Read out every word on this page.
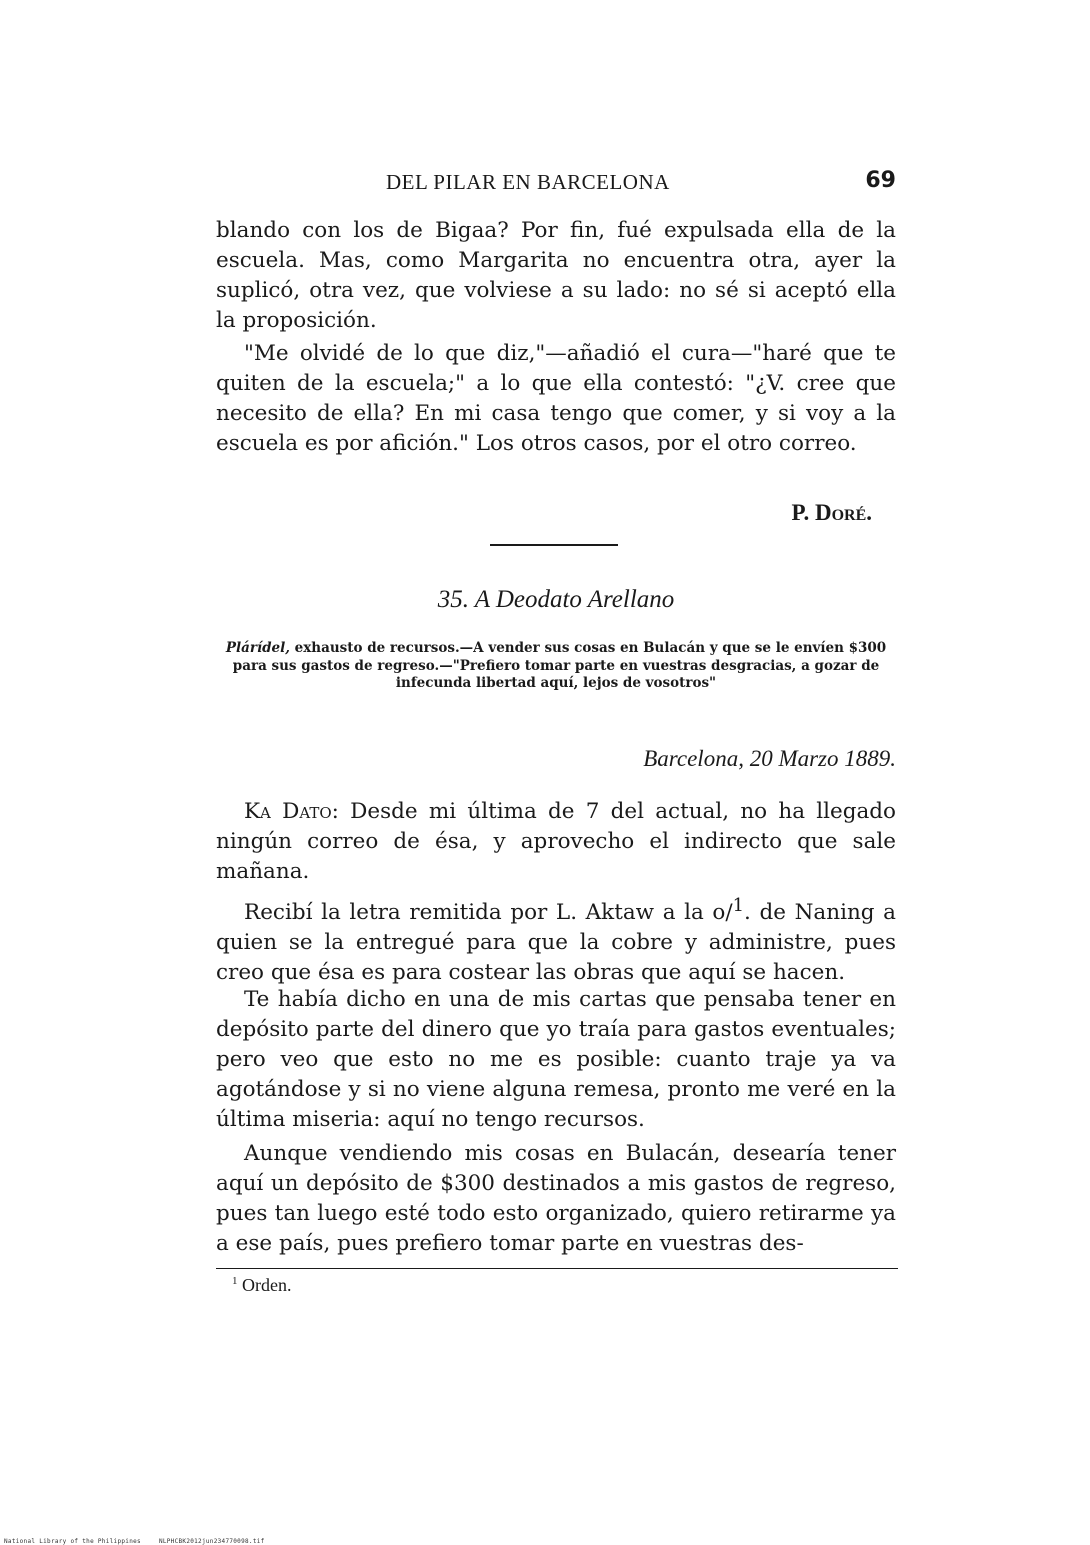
DEL PILAR EN BARCELONA	69

blando con los de Bigaa? Por fin, fué expulsada ella de la escuela. Mas, como Margarita no encuentra otra, ayer la suplicó, otra vez, que volviese a su lado: no sé si aceptó ella la proposición.

"Me olvidé de lo que diz,"—añadió el cura—"haré que te quiten de la escuela;" a lo que ella contestó: "¿V. cree que necesito de ella? En mi casa tengo que comer, y si voy a la escuela es por afición." Los otros casos, por el otro correo.

P. Doré.
35. A Deodato Arellano
Plárídel, exhausto de recursos.—A vender sus cosas en Bulacán y que se le envíen $300 para sus gastos de regreso.—"Prefiero tomar parte en vuestras desgracias, a gozar de infecunda libertad aquí, lejos de vosotros"
Barcelona, 20 Marzo 1889.

Ka Dato: Desde mi última de 7 del actual, no ha llegado ningún correo de ésa, y aprovecho el indirecto que sale mañana.

Recibí la letra remitida por L. Aktaw a la o/$^1$. de Naning a quien se la entregué para que la cobre y administre, pues creo que ésa es para costear las obras que aquí se hacen.

Te había dicho en una de mis cartas que pensaba tener en depósito parte del dinero que yo traía para gastos eventuales; pero veo que esto no me es posible: cuanto traje ya va agotándose y si no viene alguna remesa, pronto me veré en la última miseria: aquí no tengo recursos.

Aunque vendiendo mis cosas en Bulacán, desearía tener aquí un depósito de $300 destinados a mis gastos de regreso, pues tan luego esté todo esto organizado, quiero retirarme ya a ese país, pues prefiero tomar parte en vuestras des-

$^1$ Orden.
National Library of the Philippines	NLPHCBK2012jun234770098.tif
